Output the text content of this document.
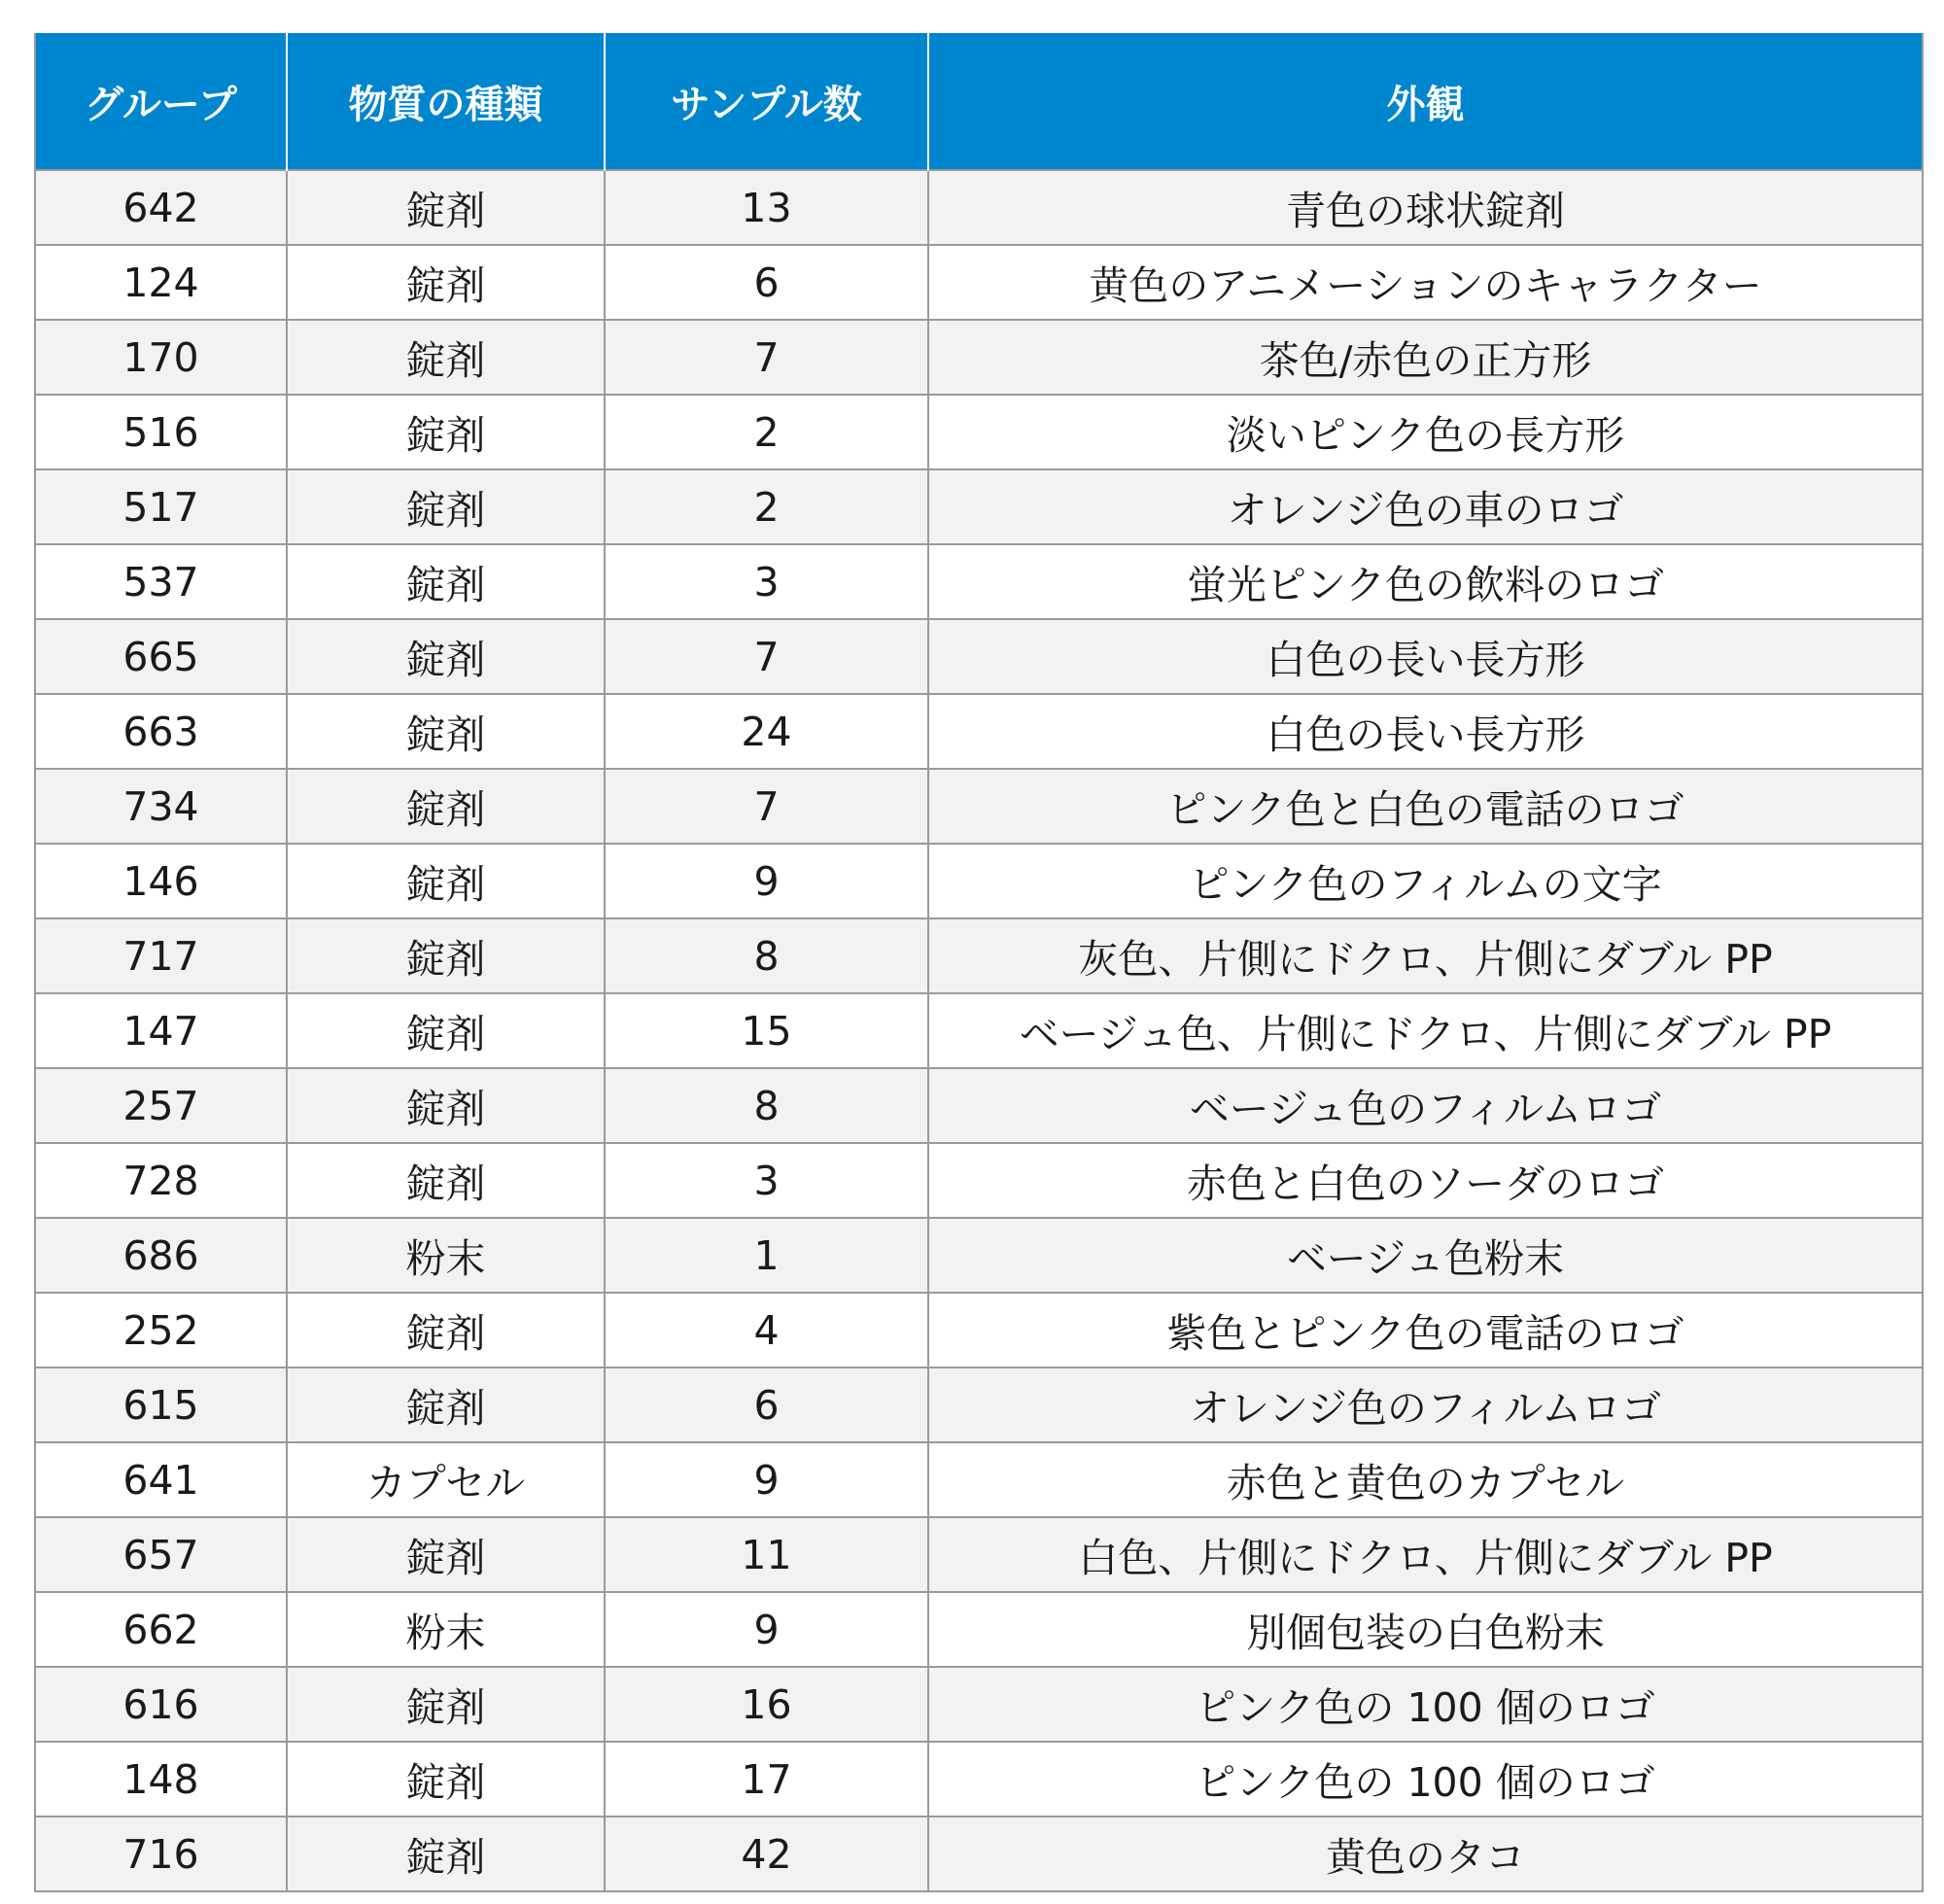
グループ	物質の種類	サンプル数	外観
642	錠剤	13	青色の球状錠剤
124	錠剤	6	黄色のアニメーションのキャラクター
170	錠剤	7	茶色/赤色の正方形
516	錠剤	2	淡いピンク色の長方形
517	錠剤	2	オレンジ色の車のロゴ
537	錠剤	3	蛍光ピンク色の飲料のロゴ
665	錠剤	7	白色の長い長方形
663	錠剤	24	白色の長い長方形
734	錠剤	7	ピンク色と白色の電話のロゴ
146	錠剤	9	ピンク色のフィルムの文字
717	錠剤	8	灰色、片側にドクロ、片側にダブル PP
147	錠剤	15	ベージュ色、片側にドクロ、片側にダブル PP
257	錠剤	8	ベージュ色のフィルムロゴ
728	錠剤	3	赤色と白色のソーダのロゴ
686	粉末	1	ベージュ色粉末
252	錠剤	4	紫色とピンク色の電話のロゴ
615	錠剤	6	オレンジ色のフィルムロゴ
641	カプセル	9	赤色と黄色のカプセル
657	錠剤	11	白色、片側にドクロ、片側にダブル PP
662	粉末	9	別個包装の白色粉末
616	錠剤	16	ピンク色の 100 個のロゴ
148	錠剤	17	ピンク色の 100 個のロゴ
716	錠剤	42	黄色のタコ
